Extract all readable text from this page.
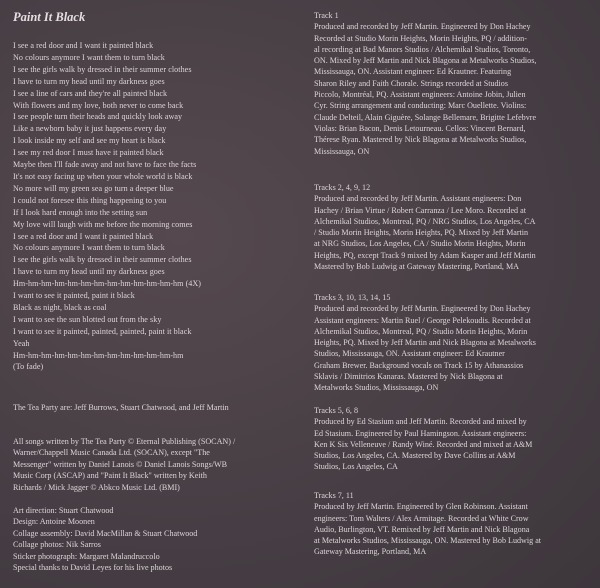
Paint It Black
I see a red door and I want it painted black
No colours anymore I want them to turn black
I see the girls walk by dressed in their summer clothes
I have to turn my head until my darkness goes
I see a line of cars and they're all painted black
With flowers and my love, both never to come back
I see people turn their heads and quickly look away
Like a newborn baby it just happens every day
I look inside my self and see my heart is black
I see my red door I must have it painted black
Maybe then I'll fade away and not have to face the facts
It's not easy facing up when your whole world is black
No more will my green sea go turn a deeper blue
I could not foresee this thing happening to you
If I look hard enough into the setting sun
My love will laugh with me before the morning comes
I see a red door and I want it painted black
No colours anymore I want them to turn black
I see the girls walk by dressed in their summer clothes
I have to turn my head until my darkness goes
Hm-hm-hm-hm-hm-hm-hm-hm-hm-hm-hm-hm-hm (4X)
I want to see it painted, paint it black
Black as night, black as coal
I want to see the sun blotted out from the sky
I want to see it painted, painted, painted, paint it black
Yeah
Hm-hm-hm-hm-hm-hm-hm-hm-hm-hm-hm-hm-hm
(To fade)

The Tea Party are: Jeff Burrows, Stuart Chatwood, and Jeff Martin

All songs written by The Tea Party © Eternal Publishing (SOCAN) /

Warner/Chappell Music Canada Ltd. (SOCAN), except "The

Messenger" written by Daniel Lanois © Daniel Lanois Songs/WB

Music Corp (ASCAP) and "Paint It Black" written by Keith

Richards / Mick Jagger © Abkco Music Ltd. (BMI)

Art direction: Stuart Chatwood

Design: Antoine Moonen

Collage assembly: David MacMillan & Stuart Chatwood

Collage photos: Nik Sarros

Sticker photograph: Margaret Malandruccolo

Special thanks to David Leyes for his live photos

Track 1

Produced and recorded by Jeff Martin. Engineered by Don Hachey

Recorded at Studio Morin Heights, Morin Heights, PQ / addition-

al recording at Bad Manors Studios / Alchemikal Studios, Toronto,

ON. Mixed by Jeff Martin and Nick Blagona at Metalworks Studios,

Mississauga, ON. Assistant engineer: Ed Krautner. Featuring

Sharon Riley and Faith Chorale. Strings recorded at Studios

Piccolo, Montréal, PQ. Assistant engineers: Antoine Jobin, Julien

Cyr. String arrangement and conducting: Marc Ouellette. Violins:

Claude Delteil, Alain Giguère, Solange Bellemare, Brigitte Lefebvre

Violas: Brian Bacon, Denis Letourneau. Cellos: Vincent Bernard,

Thérese Ryan. Mastered by Nick Blagona at Metalworks Studios,

Mississauga, ON

Tracks 2, 4, 9, 12

Produced and recorded by Jeff Martin. Assistant engineers: Don

Hachey / Brian Virtue / Robert Carranza / Lee Moro. Recorded at

Alchemikal Studios, Montreal, PQ / NRG Studios, Los Angeles, CA

/ Studio Morin Heights, Morin Heights, PQ. Mixed by Jeff Martin

at NRG Studios, Los Angeles, CA / Studio Morin Heights, Morin

Heights, PQ, except Track 9 mixed by Adam Kasper and Jeff Martin

Mastered by Bob Ludwig at Gateway Mastering, Portland, MA

Tracks 3, 10, 13, 14, 15

Produced and recorded by Jeff Martin. Engineered by Don Hachey

Assistant engineers: Martin Ruel / George Pelekoudis. Recorded at

Alchemikal Studios, Montreal, PQ / Studio Morin Heights, Morin

Heights, PQ. Mixed by Jeff Martin and Nick Blagona at Metalworks

Studios, Mississauga, ON. Assistant engineer: Ed Krautner

Graham Brewer. Background vocals on Track 15 by Athanassios

Sklavis / Dimitrios Kanaras. Mastered by Nick Blagona at

Metalworks Studios, Mississauga, ON

Tracks 5, 6, 8

Produced by Ed Stasium and Jeff Martin. Recorded and mixed by

Ed Stasium. Engineered by Paul Hamingson. Assistant engineers:

Ken K Six Velleneuve / Randy Winé. Recorded and mixed at A&M

Studios, Los Angeles, CA. Mastered by Dave Collins at A&M

Studios, Los Angeles, CA

Tracks 7, 11

Produced by Jeff Martin. Engineered by Glen Robinson. Assistant

engineers: Tom Walters / Alex Armitage. Recorded at White Crow

Audio, Burlington, VT. Remixed by Jeff Martin and Nick Blagona

at Metalworks Studios, Mississauga, ON. Mastered by Bob Ludwig at

Gateway Mastering, Portland, MA
